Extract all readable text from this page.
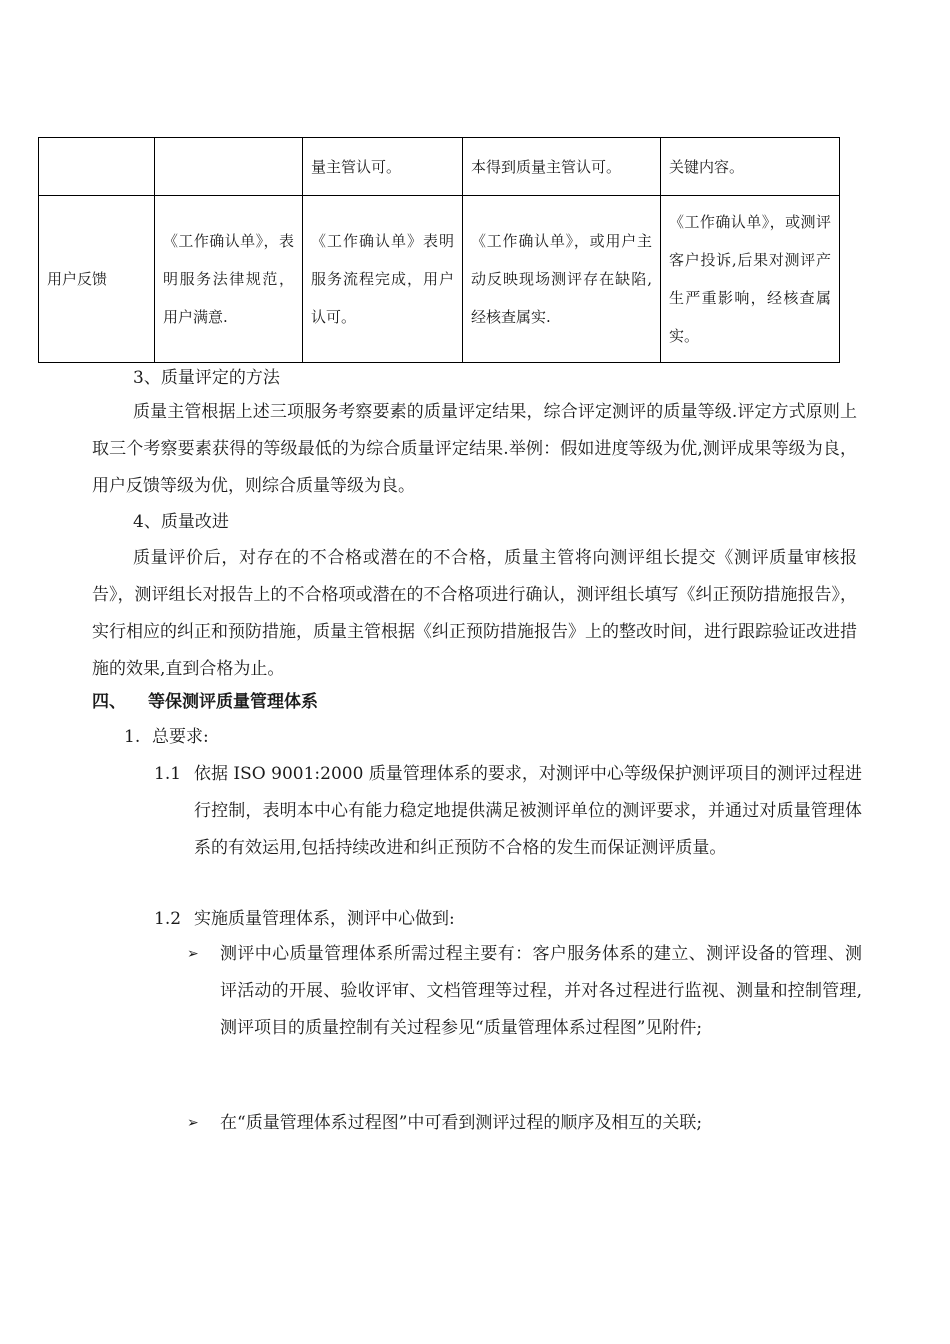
		量主管认可。	本得到质量主管认可。	关键内容。
用户反馈	《工作确认单》，表明服务法律规范，用户满意.	《工作确认单》表明服务流程完成，用户认可。	《工作确认单》，或用户主动反映现场测评存在缺陷,经核查属实.	《工作确认单》，或测评客户投诉,后果对测评产生严重影响，经核查属实。
3、质量评定的方法
质量主管根据上述三项服务考察要素的质量评定结果，综合评定测评的质量等级.评定方式原则上取三个考察要素获得的等级最低的为综合质量评定结果.举例：假如进度等级为优,测评成果等级为良，用户反馈等级为优，则综合质量等级为良。
4、质量改进
质量评价后，对存在的不合格或潜在的不合格，质量主管将向测评组长提交《测评质量审核报告》，测评组长对报告上的不合格项或潜在的不合格项进行确认，测评组长填写《纠正预防措施报告》，实行相应的纠正和预防措施，质量主管根据《纠正预防措施报告》上的整改时间，进行跟踪验证改进措施的效果,直到合格为止。
四、 等保测评质量管理体系
1. 总要求:
1.1 依据 ISO 9001:2000 质量管理体系的要求，对测评中心等级保护测评项目的测评过程进行控制，表明本中心有能力稳定地提供满足被测评单位的测评要求，并通过对质量管理体系的有效运用,包括持续改进和纠正预防不合格的发生而保证测评质量。
1.2 实施质量管理体系，测评中心做到:
➢ 测评中心质量管理体系所需过程主要有：客户服务体系的建立、测评设备的管理、测评活动的开展、验收评审、文档管理等过程，并对各过程进行监视、测量和控制管理,测评项目的质量控制有关过程参见“质量管理体系过程图”见附件;
➢ 在“质量管理体系过程图”中可看到测评过程的顺序及相互的关联;
